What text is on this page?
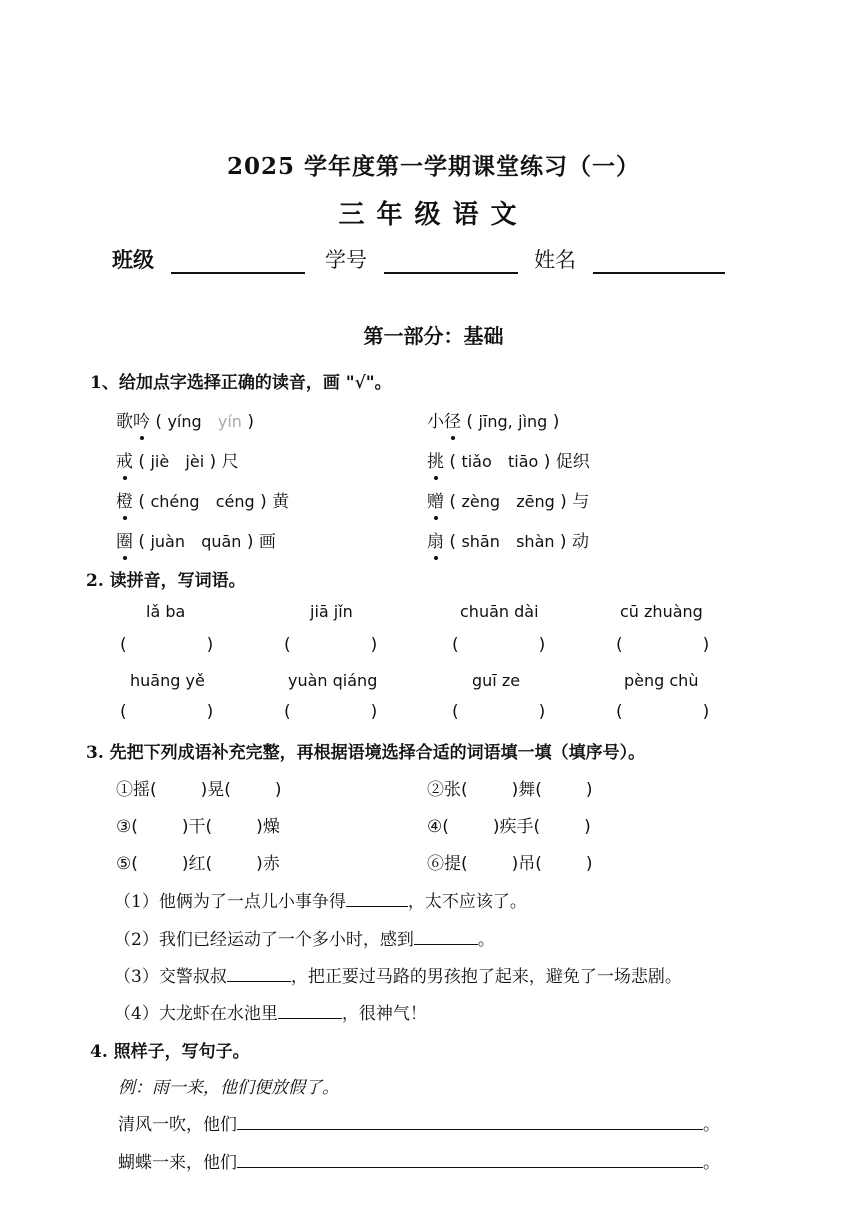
2025 学年度第一学期课堂练习（一）
三年级语文
班级	学号	姓名
第一部分：基础
1、给加点字选择正确的读音，画 "√"。
歌吟 ( yíng yín )	小径 ( jīng, jìng )
戒 ( jiè jèi ) 尺	挑 ( tiǎo tiāo ) 促织
橙 ( chéng céng ) 黄	赠 ( zèng zēng ) 与
圈 ( juàn quān ) 画	扇 ( shān shàn ) 动
2. 读拼音，写词语。
lǎ ba	jiā jǐn	chuān dài	cū zhuàng
(	)	(	)	(	)	(	)
huāng yě	yuàn qiáng	guī ze	pèng chù
(	)	(	)	(	)	(	)
3. 先把下列成语补充完整，再根据语境选择合适的词语填一填（填序号）。
①摇(	)晃(	)	②张(	)舞(	)
③(	)干(	)燥	④(	)疾手(	)
⑤(	)红(	)赤	⑥提(	)吊(	)
（1）他俩为了一点儿小事争得	，太不应该了。
（2）我们已经运动了一个多小时，感到	。
（3）交警叔叔	，把正要过马路的男孩抱了起来，避免了一场悲剧。
（4）大龙虾在水池里	，很神气！
4. 照样子，写句子。
例：雨一来，他们便放假了。
清风一吹，他们	。
蝴蝶一来，他们	。
